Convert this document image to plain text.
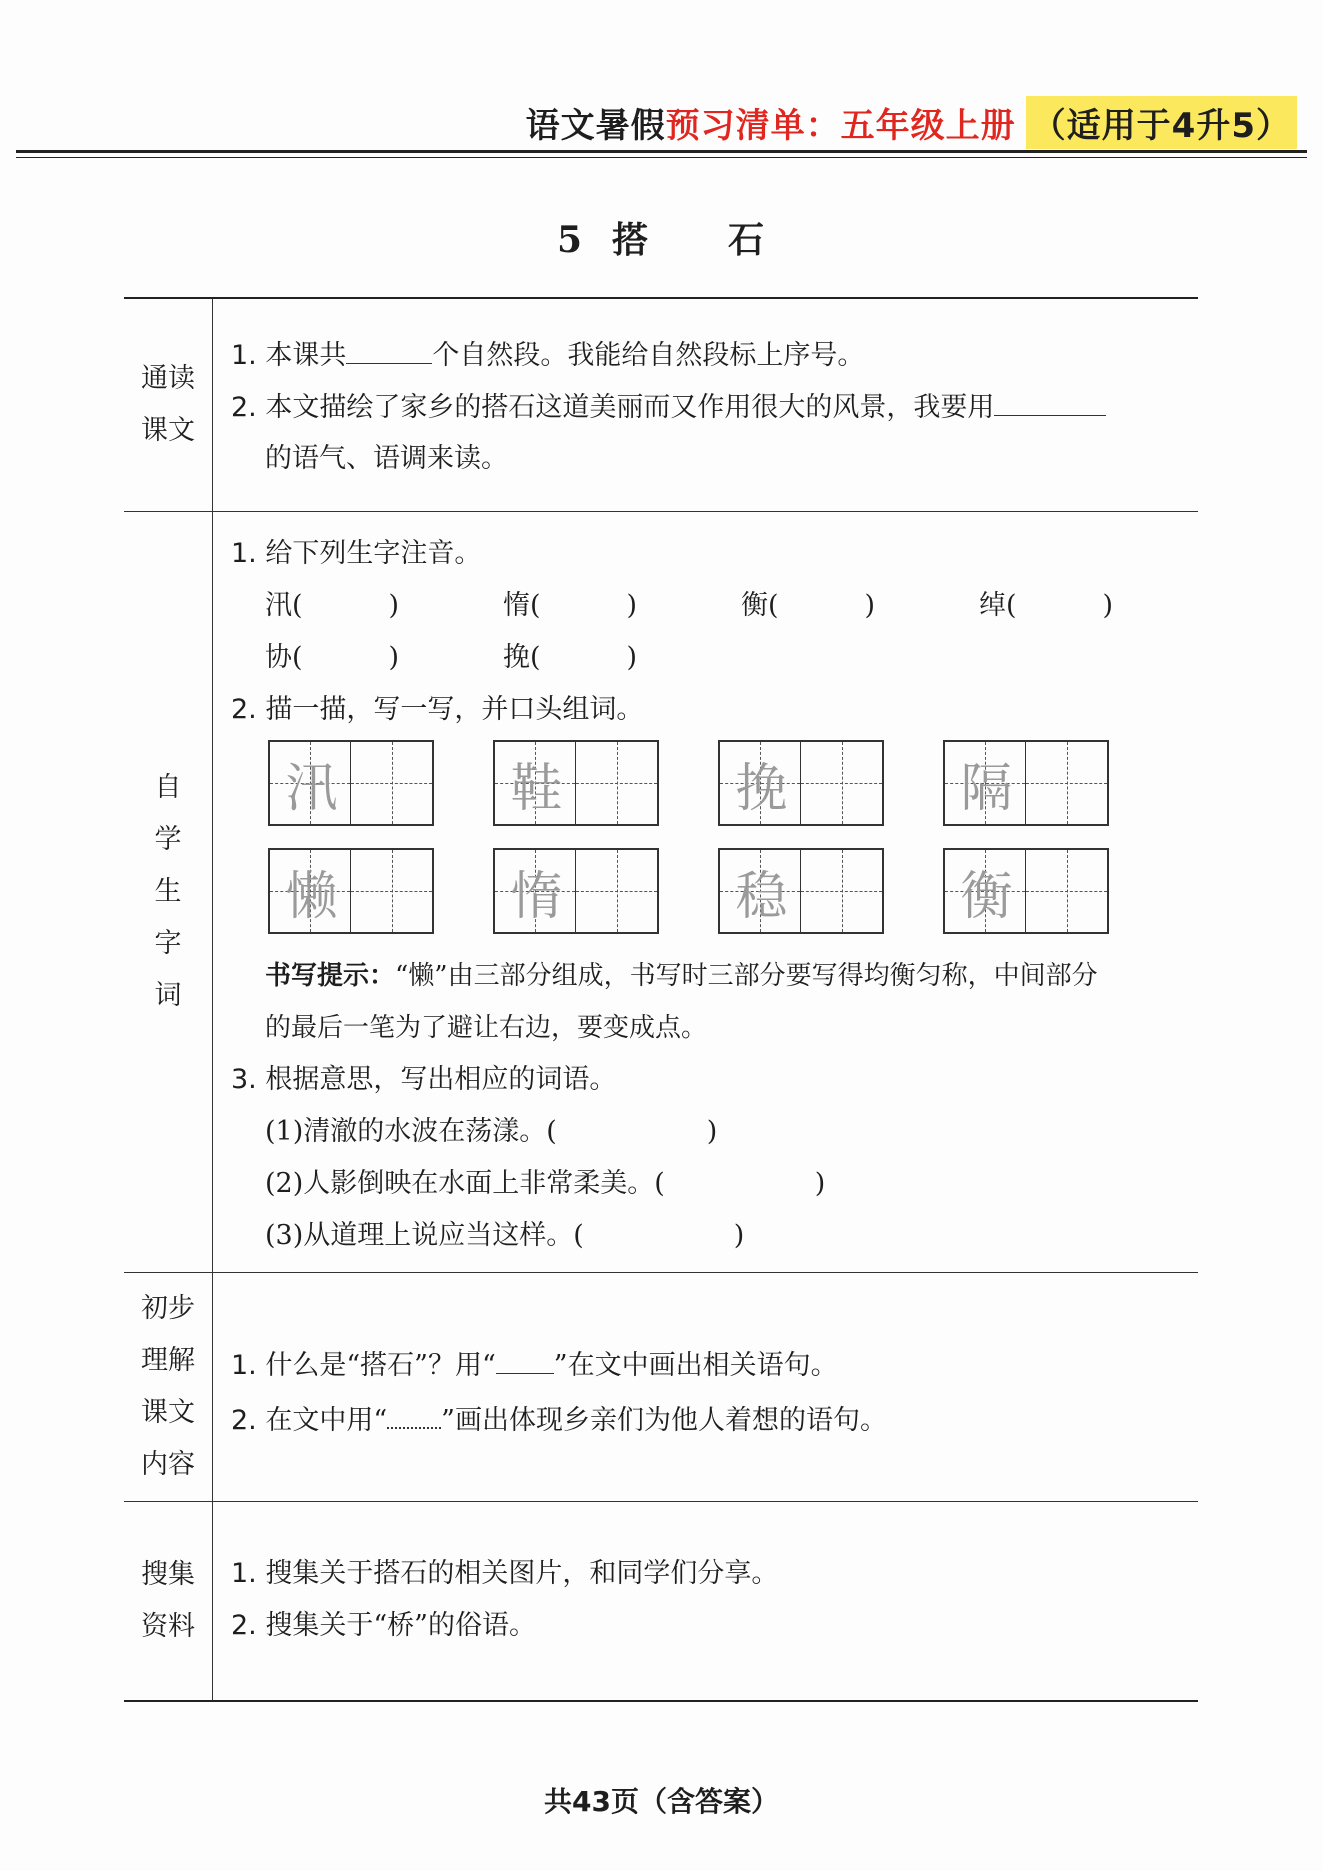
语文暑假 预习清单：五年级上册 （适用于4升5）
5 搭 石
通读
课文
1. 本课共	个自然段。我能给自然段标上序号。
2. 本文描绘了家乡的搭石这道美丽而又作用很大的风景，我要用
的语气、语调来读。
自
学
生
字
词
1. 给下列生字注音。
汛(	)	惰(	)	衡(	)	绰(	)
协(	)	挽(	)
2. 描一描，写一写，并口头组词。
汛	鞋	挽	隔
懒	惰	稳	衡
书写提示：“懒”由三部分组成，书写时三部分要写得均衡匀称，中间部分
的最后一笔为了避让右边，要变成点。
3. 根据意思，写出相应的词语。
(1)清澈的水波在荡漾。(	)
(2)人影倒映在水面上非常柔美。(	)
(3)从道理上说应当这样。(	)
初步
理解
课文
内容
1. 什么是“搭石”？用“ ”在文中画出相关语句。
2. 在文中用“ ”画出体现乡亲们为他人着想的语句。
搜集
资料
1. 搜集关于搭石的相关图片，和同学们分享。
2. 搜集关于“桥”的俗语。
共43页（含答案）
